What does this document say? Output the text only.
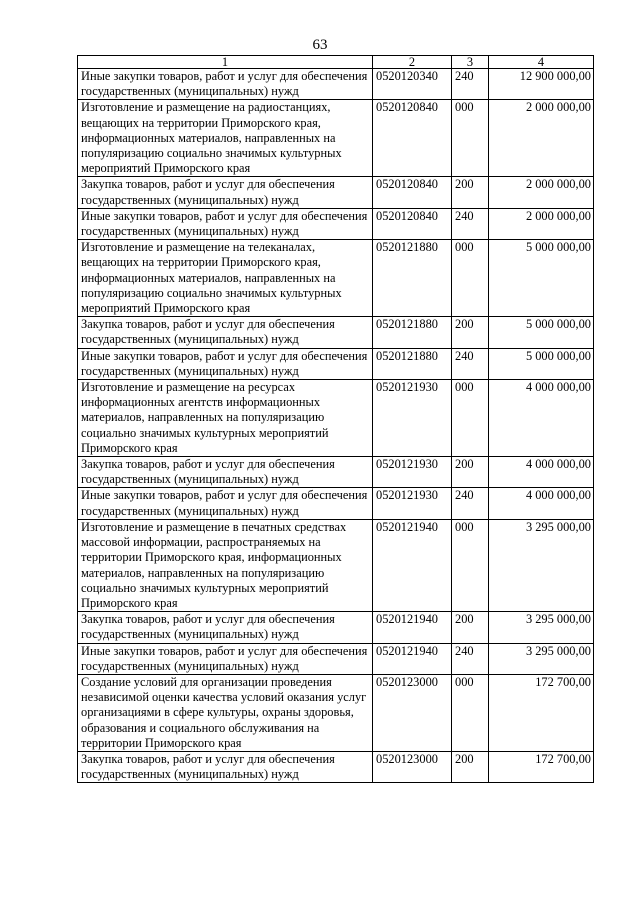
63
1	2	3	4
Иные закупки товаров, работ и услуг для обеспечения государственных (муниципальных) нужд	0520120340	240	12 900 000,00
Изготовление и размещение на радиостанциях, вещающих на территории Приморского края, информационных материалов, направленных на популяризацию социально значимых культурных мероприятий Приморского края	0520120840	000	2 000 000,00
Закупка товаров, работ и услуг для обеспечения государственных (муниципальных) нужд	0520120840	200	2 000 000,00
Иные закупки товаров, работ и услуг для обеспечения государственных (муниципальных) нужд	0520120840	240	2 000 000,00
Изготовление и размещение на телеканалах, вещающих на территории Приморского края, информационных материалов, направленных на популяризацию социально значимых культурных мероприятий Приморского края	0520121880	000	5 000 000,00
Закупка товаров, работ и услуг для обеспечения государственных (муниципальных) нужд	0520121880	200	5 000 000,00
Иные закупки товаров, работ и услуг для обеспечения государственных (муниципальных) нужд	0520121880	240	5 000 000,00
Изготовление и размещение на ресурсах информационных агентств информационных материалов, направленных на популяризацию социально значимых культурных мероприятий Приморского края	0520121930	000	4 000 000,00
Закупка товаров, работ и услуг для обеспечения государственных (муниципальных) нужд	0520121930	200	4 000 000,00
Иные закупки товаров, работ и услуг для обеспечения государственных (муниципальных) нужд	0520121930	240	4 000 000,00
Изготовление и размещение в печатных средствах массовой информации, распространяемых на территории Приморского края, информационных материалов, направленных на популяризацию социально значимых культурных мероприятий Приморского края	0520121940	000	3 295 000,00
Закупка товаров, работ и услуг для обеспечения государственных (муниципальных) нужд	0520121940	200	3 295 000,00
Иные закупки товаров, работ и услуг для обеспечения государственных (муниципальных) нужд	0520121940	240	3 295 000,00
Создание условий для организации проведения независимой оценки качества условий оказания услуг организациями в сфере культуры, охраны здоровья, образования и социального обслуживания на территории Приморского края	0520123000	000	172 700,00
Закупка товаров, работ и услуг для обеспечения государственных (муниципальных) нужд	0520123000	200	172 700,00
